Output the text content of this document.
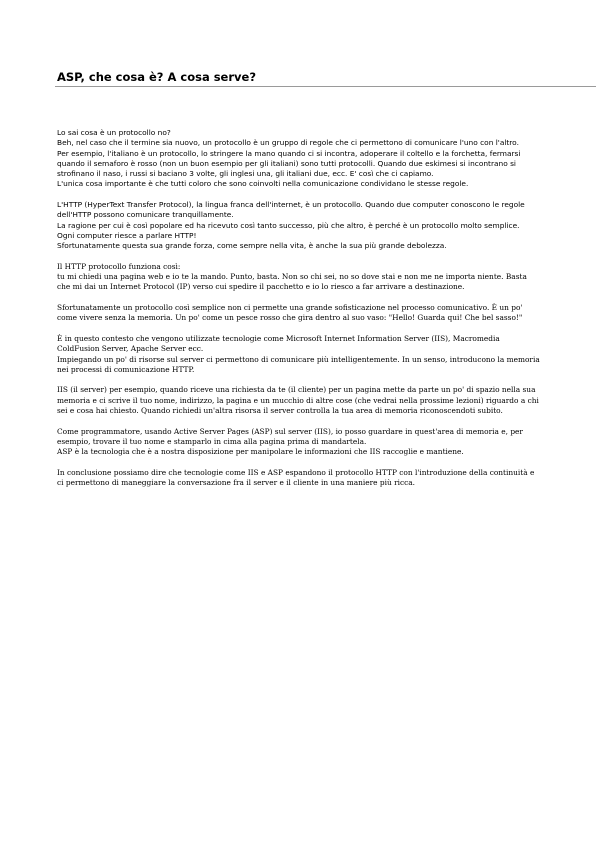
ASP, che cosa è? A cosa serve?

Lo sai cosa è un protocollo no?
Beh, nel caso che il termine sia nuovo, un protocollo è un gruppo di regole che ci permettono di comunicare l'uno con l'altro.
Per esempio, l'italiano è un protocollo, lo stringere la mano quando ci si incontra, adoperare il coltello e la forchetta, fermarsi
quando il semaforo è rosso (non un buon esempio per gli italiani) sono tutti protocolli. Quando due eskimesi si incontrano si
strofinano il naso, i russi si baciano 3 volte, gli inglesi una, gli italiani due, ecc. E' così che ci capiamo.
L'unica cosa importante è che tutti coloro che sono coinvolti nella comunicazione condividano le stesse regole.

L'HTTP (HyperText Transfer Protocol), la lingua franca dell'internet, è un protocollo. Quando due computer conoscono le regole
dell'HTTP possono comunicare tranquillamente.
La ragione per cui è così popolare ed ha ricevuto così tanto successo, più che altro, è perché è un protocollo molto semplice.
Ogni computer riesce a parlare HTTP!
Sfortunatamente questa sua grande forza, come sempre nella vita, è anche la sua più grande debolezza.

Il HTTP protocollo funziona così:
tu mi chiedi una pagina web e io te la mando. Punto, basta. Non so chi sei, no so dove stai e non me ne importa niente. Basta
che mi dai un Internet Protocol (IP) verso cui spedire il pacchetto e io lo riesco a far arrivare a destinazione.

Sfortunatamente un protocollo così semplice non ci permette una grande sofisticazione nel processo comunicativo. È un po'
come vivere senza la memoria. Un po' come un pesce rosso che gira dentro al suo vaso: "Hello! Guarda qui! Che bel sasso!"

È in questo contesto che vengono utilizzate tecnologie come Microsoft Internet Information Server (IIS), Macromedia
ColdFusion Server, Apache Server ecc.
Impiegando un po' di risorse sul server ci permettono di comunicare più intelligentemente. In un senso, introducono la memoria
nei processi di comunicazione HTTP.

IIS (il server) per esempio, quando riceve una richiesta da te (il cliente) per un pagina mette da parte un po' di spazio nella sua
memoria e ci scrive il tuo nome, indirizzo, la pagina e un mucchio di altre cose (che vedrai nella prossime lezioni) riguardo a chi
sei e cosa hai chiesto. Quando richiedi un'altra risorsa il server controlla la tua area di memoria riconoscendoti subito.

Come programmatore, usando Active Server Pages (ASP) sul server (IIS), io posso guardare in quest'area di memoria e, per
esempio, trovare il tuo nome e stamparlo in cima alla pagina prima di mandartela.
ASP è la tecnologia che è a nostra disposizione per manipolare le informazioni che IIS raccoglie e mantiene.

In conclusione possiamo dire che tecnologie come IIS e ASP espandono il protocollo HTTP con l'introduzione della continuità e
ci permettono di maneggiare la conversazione fra il server e il cliente in una maniere più ricca.
